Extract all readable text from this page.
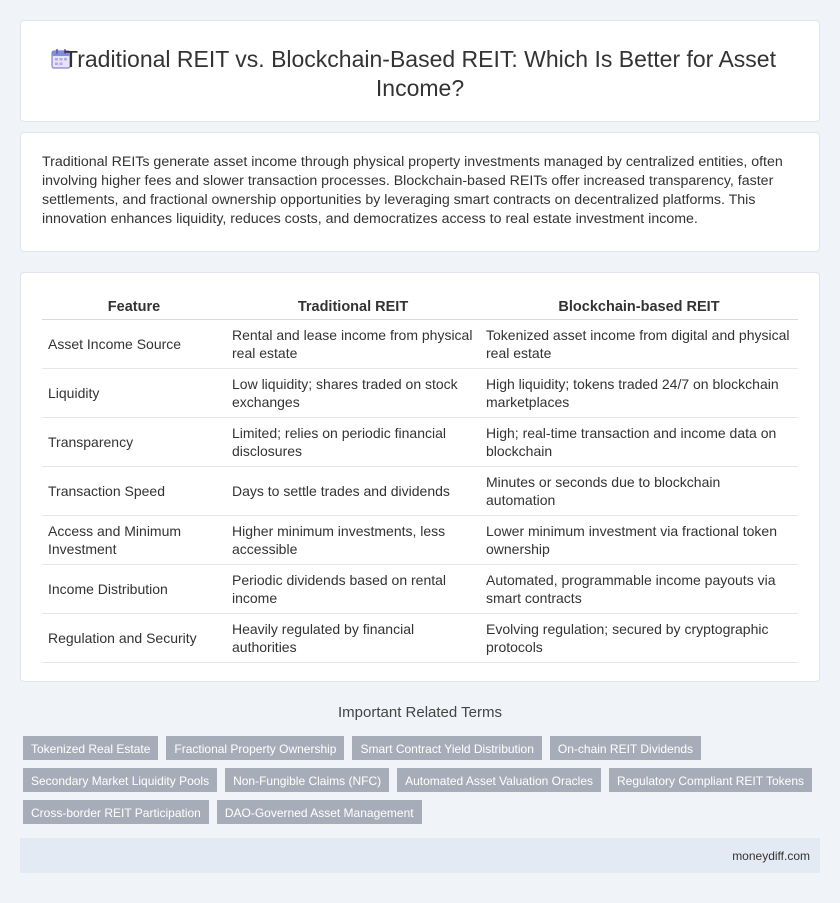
Traditional REIT vs. Blockchain-Based REIT: Which Is Better for Asset Income?

Traditional REITs generate asset income through physical property investments managed by centralized entities, often involving higher fees and slower transaction processes. Blockchain-based REITs offer increased transparency, faster settlements, and fractional ownership opportunities by leveraging smart contracts on decentralized platforms. This innovation enhances liquidity, reduces costs, and democratizes access to real estate investment income.

Feature	Traditional REIT	Blockchain-based REIT
Asset Income Source	Rental and lease income from physical real estate	Tokenized asset income from digital and physical real estate
Liquidity	Low liquidity; shares traded on stock exchanges	High liquidity; tokens traded 24/7 on blockchain marketplaces
Transparency	Limited; relies on periodic financial disclosures	High; real-time transaction and income data on blockchain
Transaction Speed	Days to settle trades and dividends	Minutes or seconds due to blockchain automation
Access and Minimum Investment	Higher minimum investments, less accessible	Lower minimum investment via fractional token ownership
Income Distribution	Periodic dividends based on rental income	Automated, programmable income payouts via smart contracts
Regulation and Security	Heavily regulated by financial authorities	Evolving regulation; secured by cryptographic protocols
Important Related Terms
Tokenized Real Estate	Fractional Property Ownership	Smart Contract Yield Distribution	On-chain REIT Dividends
Secondary Market Liquidity Pools	Non-Fungible Claims (NFC)	Automated Asset Valuation Oracles	Regulatory Compliant REIT Tokens
Cross-border REIT Participation	DAO-Governed Asset Management
moneydiff.com
